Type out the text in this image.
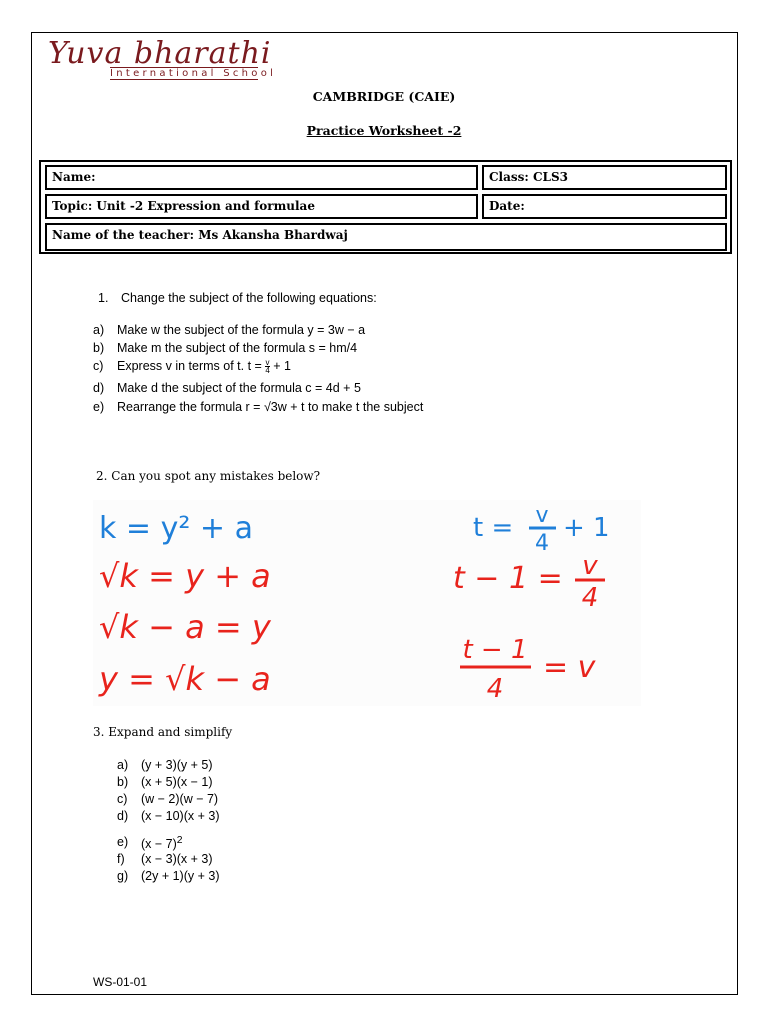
Yuva bharathi
International School
CAMBRIDGE (CAIE)
Practice Worksheet -2
Name:	Class: CLS3
Topic: Unit -2 Expression and formulae	Date:
Name of the teacher: Ms Akansha Bhardwaj
1. Change the subject of the following equations:
a) Make w the subject of the formula y = 3w − a
b) Make m the subject of the formula s = hm/4
c) Express v in terms of t. $t = \frac{v}{4} + 1$
d) Make d the subject of the formula c = 4d + 5
e) Rearrange the formula r = √3w + t to make t the subject
2. Can you spot any mistakes below?
k = y² + a
√k = y + a
√k − a = y
y = √k − a
t = v
4
+ 1
t − 1 = v
4
t − 1
4
= v
3. Expand and simplify
a) (y + 3)(y + 5)
b) (x + 5)(x − 1)
c) (w − 2)(w − 7)
d) (x − 10)(x + 3)
e) $(x - 7)^2$
f) (x − 3)(x + 3)
g) (2y + 1)(y + 3)
WS-01-01
